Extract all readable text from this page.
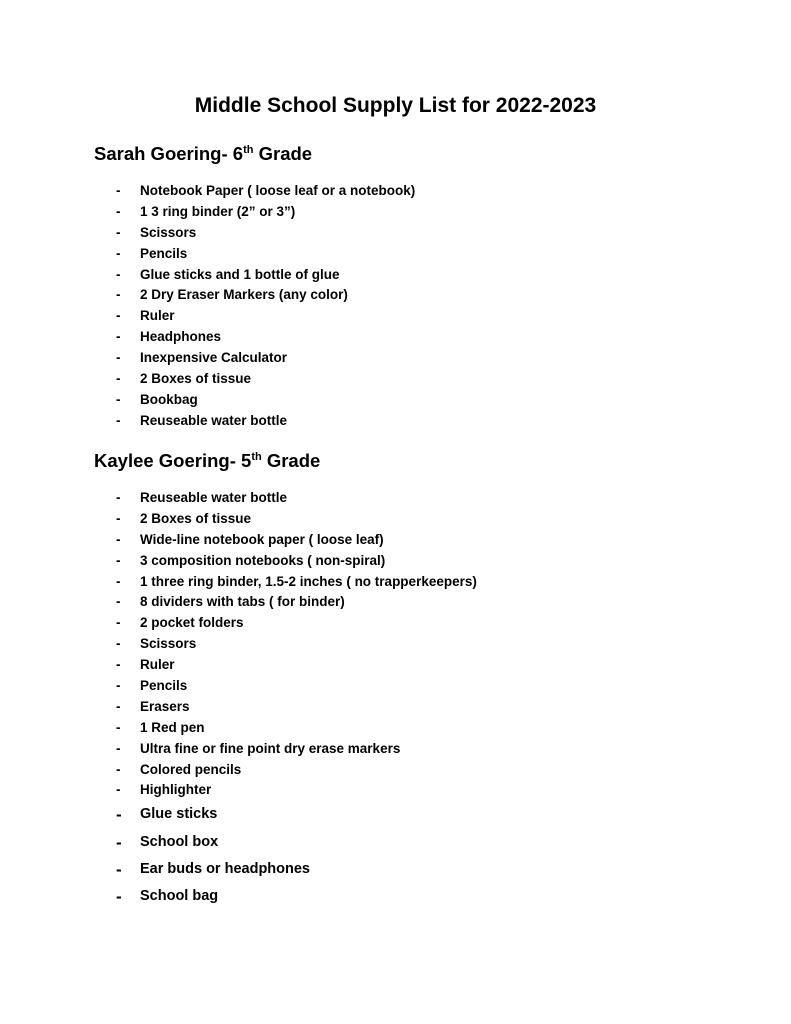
Middle School Supply List for 2022-2023
Sarah Goering- 6th Grade
- Notebook Paper ( loose leaf or a notebook)
- 1 3 ring binder (2” or 3”)
- Scissors
- Pencils
- Glue sticks and 1 bottle of glue
- 2 Dry Eraser Markers (any color)
- Ruler
- Headphones
- Inexpensive Calculator
- 2 Boxes of tissue
- Bookbag
- Reuseable water bottle
Kaylee Goering- 5th Grade
- Reuseable water bottle
- 2 Boxes of tissue
- Wide-line notebook paper ( loose leaf)
- 3 composition notebooks ( non-spiral)
- 1 three ring binder, 1.5-2 inches ( no trapperkeepers)
- 8 dividers with tabs ( for binder)
- 2 pocket folders
- Scissors
- Ruler
- Pencils
- Erasers
- 1 Red pen
- Ultra fine or fine point dry erase markers
- Colored pencils
- Highlighter
- Glue sticks
- School box
- Ear buds or headphones
- School bag
